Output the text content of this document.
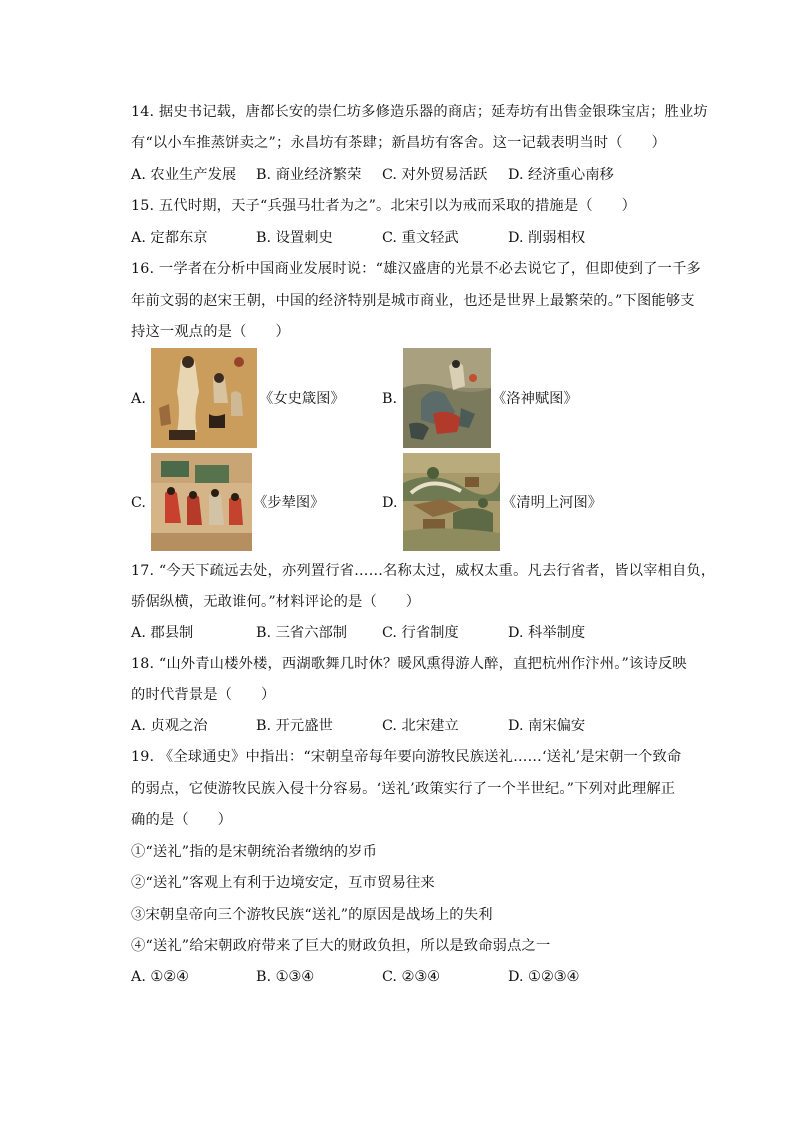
14. 据史书记载，唐都长安的崇仁坊多修造乐器的商店；延寿坊有出售金银珠宝店；胜业坊
有“以小车推蒸饼卖之”；永昌坊有茶肆；新昌坊有客舍。这一记载表明当时（　　）
A. 农业生产发展 B. 商业经济繁荣 C. 对外贸易活跃 D. 经济重心南移
15. 五代时期，天子“兵强马壮者为之”。北宋引以为戒而采取的措施是（　　）
A. 定都东京	B. 设置刺史	C. 重文轻武	D. 削弱相权
16. 一学者在分析中国商业发展时说：“雄汉盛唐的光景不必去说它了，但即使到了一千多
年前文弱的赵宋王朝，中国的经济特别是城市商业，也还是世界上最繁荣的。”下图能够支
持这一观点的是（　　）
A.	《女史箴图》	B.	《洛神赋图》
C.	《步辇图》	D.	《清明上河图》
17. “今天下疏远去处，亦列置行省……名称太过，威权太重。凡去行省者，皆以宰相自负，
骄倨纵横，无敢谁何。”材料评论的是（　　）
A. 郡县制	B. 三省六部制 C. 行省制度	D. 科举制度
18. “山外青山楼外楼，西湖歌舞几时休？暖风熏得游人醉，直把杭州作汴州。”该诗反映
的时代背景是（　　）
A. 贞观之治	B. 开元盛世	C. 北宋建立	D. 南宋偏安
19. 《全球通史》中指出：“宋朝皇帝每年要向游牧民族送礼……‘送礼’是宋朝一个致命
的弱点，它使游牧民族入侵十分容易。‘送礼’政策实行了一个半世纪。”下列对此理解正
确的是（　　）
①“送礼”指的是宋朝统治者缴纳的岁币
②“送礼”客观上有利于边境安定，互市贸易往来
③宋朝皇帝向三个游牧民族“送礼”的原因是战场上的失利
④“送礼”给宋朝政府带来了巨大的财政负担，所以是致命弱点之一
A. ①②④	B. ①③④	C. ②③④	D. ①②③④
